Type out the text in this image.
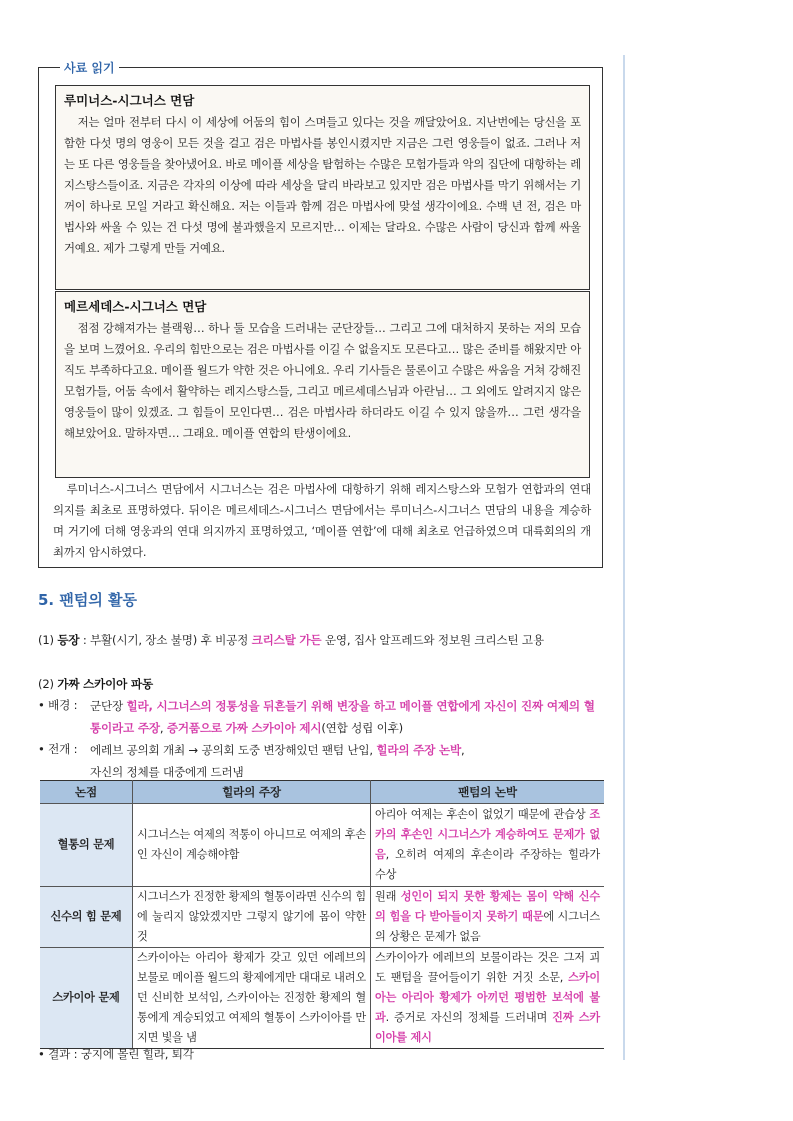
사료 읽기
루미너스-시그너스 면담

저는 얼마 전부터 다시 이 세상에 어둠의 힘이 스며들고 있다는 것을 깨달았어요. 지난번에는 당신을 포함한 다섯 명의 영웅이 모든 것을 걸고 검은 마법사를 봉인시켰지만 지금은 그런 영웅들이 없죠. 그러나 저는 또 다른 영웅들을 찾아냈어요. 바로 메이플 세상을 탐험하는 수많은 모험가들과 악의 집단에 대항하는 레지스탕스들이죠. 지금은 각자의 이상에 따라 세상을 달리 바라보고 있지만 검은 마법사를 막기 위해서는 기꺼이 하나로 모일 거라고 확신해요. 저는 이들과 함께 검은 마법사에 맞설 생각이에요. 수백 년 전, 검은 마법사와 싸울 수 있는 건 다섯 명에 불과했을지 모르지만… 이제는 달라요. 수많은 사람이 당신과 함께 싸울 거예요. 제가 그렇게 만들 거예요.

메르세데스-시그너스 면담

점점 강해져가는 블랙윙… 하나 둘 모습을 드러내는 군단장들… 그리고 그에 대처하지 못하는 저의 모습을 보며 느꼈어요. 우리의 힘만으로는 검은 마법사를 이길 수 없을지도 모른다고… 많은 준비를 해왔지만 아직도 부족하다고요. 메이플 월드가 약한 것은 아니에요. 우리 기사들은 물론이고 수많은 싸움을 거쳐 강해진 모험가들, 어둠 속에서 활약하는 레지스탕스들, 그리고 메르세데스님과 아란님… 그 외에도 알려지지 않은 영웅들이 많이 있겠죠. 그 힘들이 모인다면… 검은 마법사라 하더라도 이길 수 있지 않을까… 그런 생각을 해보았어요. 말하자면… 그래요. 메이플 연합의 탄생이에요.

루미너스-시그너스 면담에서 시그너스는 검은 마법사에 대항하기 위해 레지스탕스와 모험가 연합과의 연대 의지를 최초로 표명하였다. 뒤이은 메르세데스-시그너스 면담에서는 루미너스-시그너스 면담의 내용을 계승하며 거기에 더해 영웅과의 연대 의지까지 표명하였고, ‘메이플 연합’에 대해 최초로 언급하였으며 대륙회의의 개최까지 암시하였다.

5. 팬텀의 활동
(1) 등장 : 부활(시기, 장소 불명) 후 비공정 크리스탈 가든 운영, 집사 알프레드와 정보원 크리스틴 고용
(2) 가짜 스카이아 파동
• 배경 : 군단장 힐라, 시그너스의 정통성을 뒤흔들기 위해 변장을 하고 메이플 연합에게 자신이 진짜 여제의 혈통이라고 주장, 증거품으로 가짜 스카이아 제시(연합 성립 이후)
• 전개 : 에레브 공의회 개최 → 공의회 도중 변장해있던 팬텀 난입, 힐라의 주장 논박,
자신의 정체를 대중에게 드러냄
논점	힐라의 주장	팬텀의 논박
혈통의 문제	시그너스는 여제의 적통이 아니므로 여제의 후손인 자신이 계승해야함	아리아 여제는 후손이 없었기 때문에 관습상 조카의 후손인 시그너스가 계승하여도 문제가 없음, 오히려 여제의 후손이라 주장하는 힐라가 수상
신수의 힘 문제	시그너스가 진정한 황제의 혈통이라면 신수의 힘에 눌리지 않았겠지만 그렇지 않기에 몸이 약한 것	원래 성인이 되지 못한 황제는 몸이 약해 신수의 힘을 다 받아들이지 못하기 때문에 시그너스의 상황은 문제가 없음
스카이아 문제	스카이아는 아리아 황제가 갖고 있던 에레브의 보물로 메이플 월드의 황제에게만 대대로 내려오던 신비한 보석임, 스카이아는 진정한 황제의 혈통에게 계승되었고 여제의 혈통이 스카이아를 만지면 빛을 냄	스카이아가 에레브의 보물이라는 것은 그저 괴도 팬텀을 끌어들이기 위한 거짓 소문, 스카이아는 아리아 황제가 아끼던 평범한 보석에 불과. 증거로 자신의 정체를 드러내며 진짜 스카이아를 제시
• 결과 : 궁지에 몰린 힐라, 퇴각
